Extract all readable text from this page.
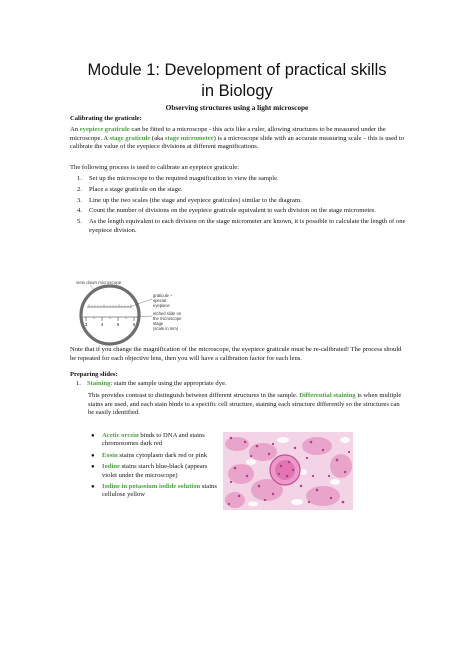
Module 1: Development of practical skills
in Biology
Observing structures using a light microscope
Calibrating the graticule:
An eyepiece graticule can be fitted to a microscope - this acts like a ruler, allowing structures to be measured under the microscope. A stage graticule (aka stage micrometer) is a microscope slide with an accurate measuring scale – this is used to calibrate the value of the eyepiece divisions at different magnifications.
The following process is used to calibrate an eyepiece graticule:
1. Set up the microscope to the required magnification to view the sample.
2. Place a stage graticule on the stage.
3. Line up the two scales (the stage and eyepiece graticules) similar to the diagram.
4. Count the number of divisions on the eyepiece graticule equivalent to each division on the stage micrometre.
5. As the length equivalent to each division on the stage micrometer are known, it is possible to calculate the length of one eyepiece division.
view down microscope
3	4	5	6
graticule –
special
eyepiece
etched slide on
the microscope
stage
(scale in mm)
Note that if you change the magnification of the microscope, the eyepiece graticule must be re-calibrated! The process should be repeated for each objective lens, then you will have a calibration factor for each lens.
Preparing slides:
1. Staining: stain the sample using the appropriate dye.
This provides contrast to distinguish between different structures in the sample. Differential staining is when multiple stains are used, and each stain binds to a specific cell structure, staining each structure differently so the structures can be easily identified.
● Acetic orcein binds to DNA and stains chromosomes dark red
● Eosin stains cytoplasm dark red or pink
● Iodine stains starch blue-black (appears violet under the microscope)
● Iodine in potassium iodide solution stains cellulose yellow
